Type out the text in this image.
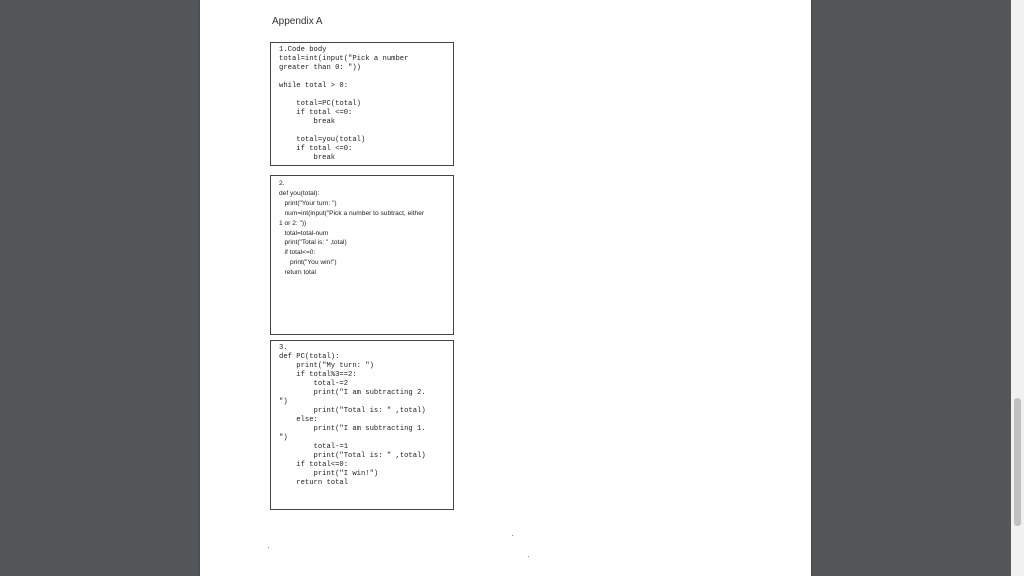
Appendix A
1.Code body
total=int(input("Pick a number
greater than 0: "))

while total > 0:

total=PC(total)
if total <=0:
break

total=you(total)
if total <=0:
break
2.
def you(total):
print("Your turn: ")
num=int(input("Pick a number to subtract, either
1 or 2: "))
total=total-num
print("Total is: " ,total)
if total<=0:
print("You win!")
return total
3.
def PC(total):
print("My turn: ")
if total%3==2:
total-=2
print("I am subtracting 2.
")
print("Total is: " ,total)
else:
print("I am subtracting 1.
")
total-=1
print("Total is: " ,total)
if total<=0:
print("I win!")
return total
